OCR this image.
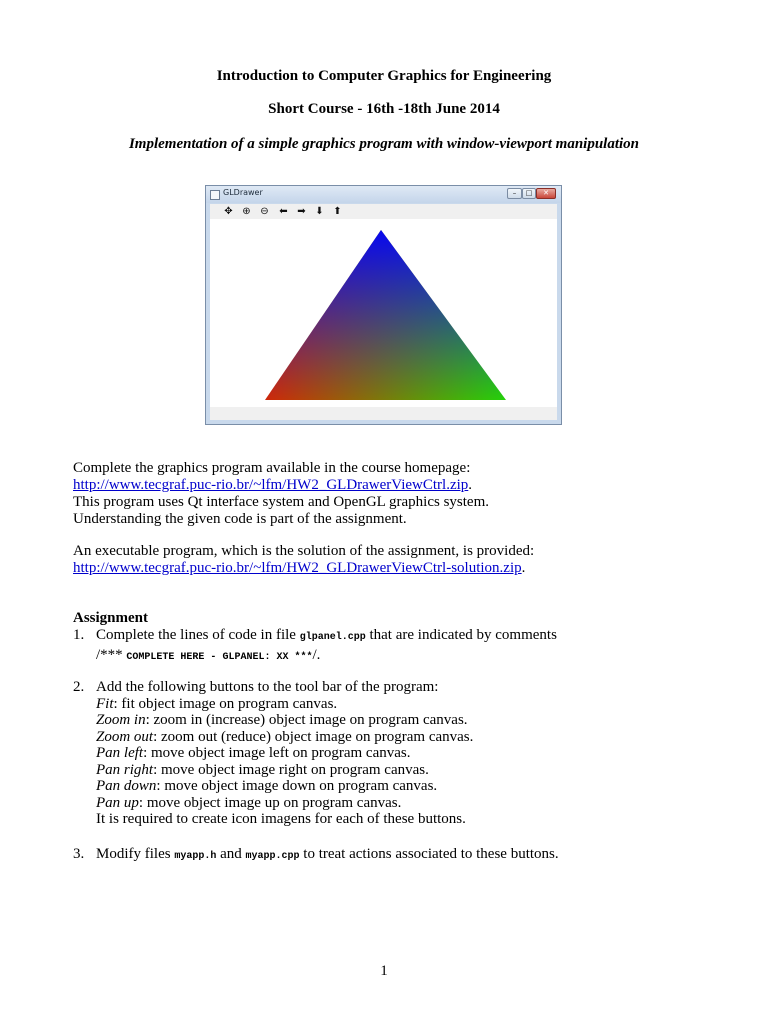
Introduction to Computer Graphics for Engineering
Short Course - 16th -18th June 2014
Implementation of a simple graphics program with window-viewport manipulation
GLDrawer	–	□	✕
✥ ⊕ ⊖ ⬅ ➡ ⬇ ⬆
Complete the graphics program available in the course homepage:
http://www.tecgraf.puc-rio.br/~lfm/HW2_GLDrawerViewCtrl.zip.
This program uses Qt interface system and OpenGL graphics system.
Understanding the given code is part of the assignment.
An executable program, which is the solution of the assignment, is provided:
http://www.tecgraf.puc-rio.br/~lfm/HW2_GLDrawerViewCtrl-solution.zip.
Assignment
1. Complete the lines of code in file glpanel.cpp that are indicated by comments
/*** COMPLETE HERE - GLPANEL: XX ***/.
2. Add the following buttons to the tool bar of the program:
Fit: fit object image on program canvas.
Zoom in: zoom in (increase) object image on program canvas.
Zoom out: zoom out (reduce) object image on program canvas.
Pan left: move object image left on program canvas.
Pan right: move object image right on program canvas.
Pan down: move object image down on program canvas.
Pan up: move object image up on program canvas.
It is required to create icon imagens for each of these buttons.
3. Modify files myapp.h and myapp.cpp to treat actions associated to these buttons.
1
